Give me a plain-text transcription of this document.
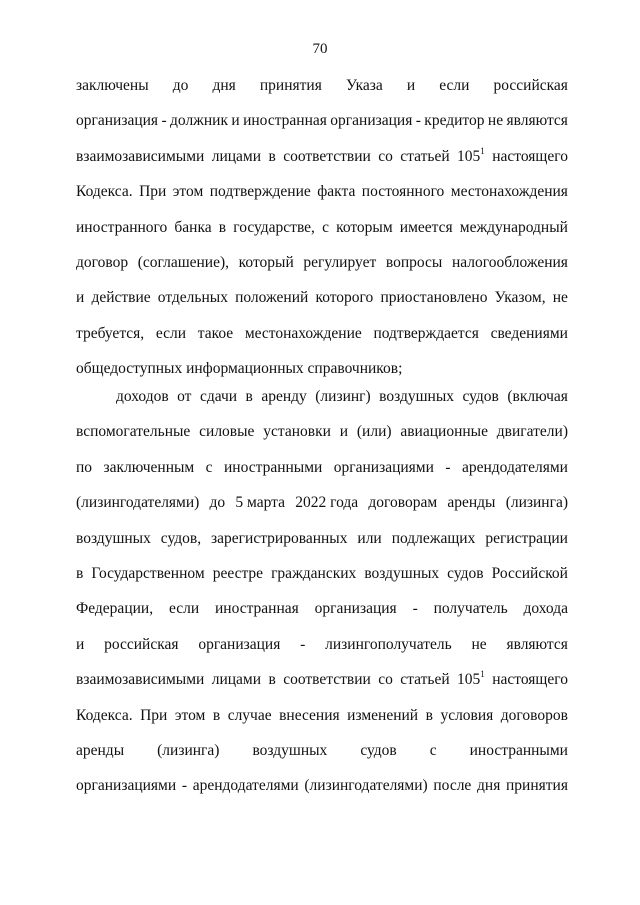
70
заключены до дня принятия Указа и если российская
организация - должник и иностранная организация - кредитор не являются
взаимозависимыми лицами в соответствии со статьей $105^1$ настоящего
Кодекса. При этом подтверждение факта постоянного местонахождения
иностранного банка в государстве, с которым имеется международный
договор (соглашение), который регулирует вопросы налогообложения
и действие отдельных положений которого приостановлено Указом, не
требуется, если такое местонахождение подтверждается сведениями
общедоступных информационных справочников;
доходов от сдачи в аренду (лизинг) воздушных судов (включая
вспомогательные силовые установки и (или) авиационные двигатели)
по заключенным с иностранными организациями - арендодателями
(лизингодателями) до 5 марта 2022 года договорам аренды (лизинга)
воздушных судов, зарегистрированных или подлежащих регистрации
в Государственном реестре гражданских воздушных судов Российской
Федерации, если иностранная организация - получатель дохода
и российская организация - лизингополучатель не являются
взаимозависимыми лицами в соответствии со статьей $105^1$ настоящего
Кодекса. При этом в случае внесения изменений в условия договоров
аренды (лизинга) воздушных судов с иностранными
организациями - арендодателями (лизингодателями) после дня принятия
